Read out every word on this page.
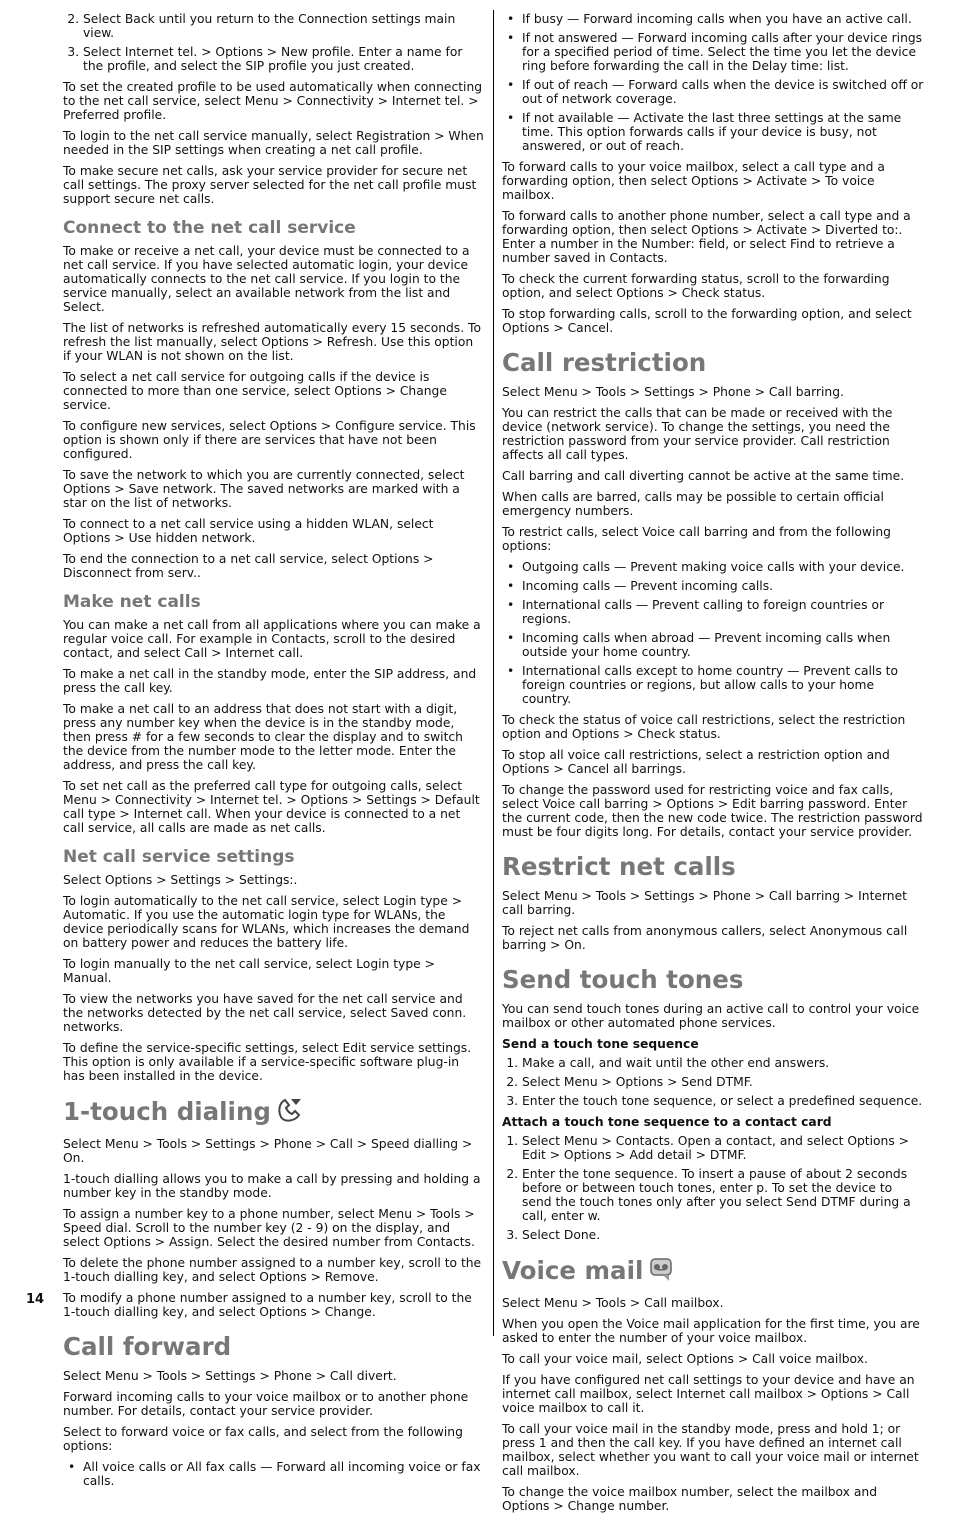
14
2. Select Back until you return to the Connection settings main view.
3. Select Internet tel. > Options > New profile. Enter a name for the profile, and select the SIP profile you just created.

To set the created profile to be used automatically when connecting to the net call service, select Menu > Connectivity > Internet tel. > Preferred profile.

To login to the net call service manually, select Registration > When needed in the SIP settings when creating a net call profile.

To make secure net calls, ask your service provider for secure net call settings. The proxy server selected for the net call profile must support secure net calls.

Connect to the net call service

To make or receive a net call, your device must be connected to a net call service. If you have selected automatic login, your device automatically connects to the net call service. If you login to the service manually, select an available network from the list and Select.

The list of networks is refreshed automatically every 15 seconds. To refresh the list manually, select Options > Refresh. Use this option if your WLAN is not shown on the list.

To select a net call service for outgoing calls if the device is connected to more than one service, select Options > Change service.

To configure new services, select Options > Configure service. This option is shown only if there are services that have not been configured.

To save the network to which you are currently connected, select Options > Save network. The saved networks are marked with a star on the list of networks.

To connect to a net call service using a hidden WLAN, select Options > Use hidden network.

To end the connection to a net call service, select Options > Disconnect from serv..

Make net calls

You can make a net call from all applications where you can make a regular voice call. For example in Contacts, scroll to the desired contact, and select Call > Internet call.

To make a net call in the standby mode, enter the SIP address, and press the call key.

To make a net call to an address that does not start with a digit, press any number key when the device is in the standby mode, then press # for a few seconds to clear the display and to switch the device from the number mode to the letter mode. Enter the address, and press the call key.

To set net call as the preferred call type for outgoing calls, select Menu > Connectivity > Internet tel. > Options > Settings > Default call type > Internet call. When your device is connected to a net call service, all calls are made as net calls.

Net call service settings

Select Options > Settings > Settings:.

To login automatically to the net call service, select Login type > Automatic. If you use the automatic login type for WLANs, the device periodically scans for WLANs, which increases the demand on battery power and reduces the battery life.

To login manually to the net call service, select Login type > Manual.

To view the networks you have saved for the net call service and the networks detected by the net call service, select Saved conn. networks.

To define the service-specific settings, select Edit service settings. This option is only available if a service-specific software plug-in has been installed in the device.

1-touch dialing

Select Menu > Tools > Settings > Phone > Call > Speed dialling > On.

1-touch dialling allows you to make a call by pressing and holding a number key in the standby mode.

To assign a number key to a phone number, select Menu > Tools > Speed dial. Scroll to the number key (2 - 9) on the display, and select Options > Assign. Select the desired number from Contacts.

To delete the phone number assigned to a number key, scroll to the 1-touch dialling key, and select Options > Remove.

To modify a phone number assigned to a number key, scroll to the 1-touch dialling key, and select Options > Change.

Call forward

Select Menu > Tools > Settings > Phone > Call divert.

Forward incoming calls to your voice mailbox or to another phone number. For details, contact your service provider.

Select to forward voice or fax calls, and select from the following options:

• All voice calls or All fax calls — Forward all incoming voice or fax calls.
• If busy — Forward incoming calls when you have an active call.
• If not answered — Forward incoming calls after your device rings for a specified period of time. Select the time you let the device ring before forwarding the call in the Delay time: list.
• If out of reach — Forward calls when the device is switched off or out of network coverage.
• If not available — Activate the last three settings at the same time. This option forwards calls if your device is busy, not answered, or out of reach.

To forward calls to your voice mailbox, select a call type and a forwarding option, then select Options > Activate > To voice mailbox.

To forward calls to another phone number, select a call type and a forwarding option, then select Options > Activate > Diverted to:. Enter a number in the Number: field, or select Find to retrieve a number saved in Contacts.

To check the current forwarding status, scroll to the forwarding option, and select Options > Check status.

To stop forwarding calls, scroll to the forwarding option, and select Options > Cancel.

Call restriction

Select Menu > Tools > Settings > Phone > Call barring.

You can restrict the calls that can be made or received with the device (network service). To change the settings, you need the restriction password from your service provider. Call restriction affects all call types.

Call barring and call diverting cannot be active at the same time.

When calls are barred, calls may be possible to certain official emergency numbers.

To restrict calls, select Voice call barring and from the following options:

• Outgoing calls — Prevent making voice calls with your device.
• Incoming calls — Prevent incoming calls.
• International calls — Prevent calling to foreign countries or regions.
• Incoming calls when abroad — Prevent incoming calls when outside your home country.
• International calls except to home country — Prevent calls to foreign countries or regions, but allow calls to your home country.

To check the status of voice call restrictions, select the restriction option and Options > Check status.

To stop all voice call restrictions, select a restriction option and Options > Cancel all barrings.

To change the password used for restricting voice and fax calls, select Voice call barring > Options > Edit barring password. Enter the current code, then the new code twice. The restriction password must be four digits long. For details, contact your service provider.

Restrict net calls

Select Menu > Tools > Settings > Phone > Call barring > Internet call barring.

To reject net calls from anonymous callers, select Anonymous call barring > On.

Send touch tones

You can send touch tones during an active call to control your voice mailbox or other automated phone services.

Send a touch tone sequence
1. Make a call, and wait until the other end answers.
2. Select Menu > Options > Send DTMF.
3. Enter the touch tone sequence, or select a predefined sequence.
Attach a touch tone sequence to a contact card
1. Select Menu > Contacts. Open a contact, and select Options > Edit > Options > Add detail > DTMF.
2. Enter the tone sequence. To insert a pause of about 2 seconds before or between touch tones, enter p. To set the device to send the touch tones only after you select Send DTMF during a call, enter w.
3. Select Done.
Voice mail

Select Menu > Tools > Call mailbox.

When you open the Voice mail application for the first time, you are asked to enter the number of your voice mailbox.

To call your voice mail, select Options > Call voice mailbox.

If you have configured net call settings to your device and have an internet call mailbox, select Internet call mailbox > Options > Call voice mailbox to call it.

To call your voice mail in the standby mode, press and hold 1; or press 1 and then the call key. If you have defined an internet call mailbox, select whether you want to call your voice mail or internet call mailbox.

To change the voice mailbox number, select the mailbox and Options > Change number.
